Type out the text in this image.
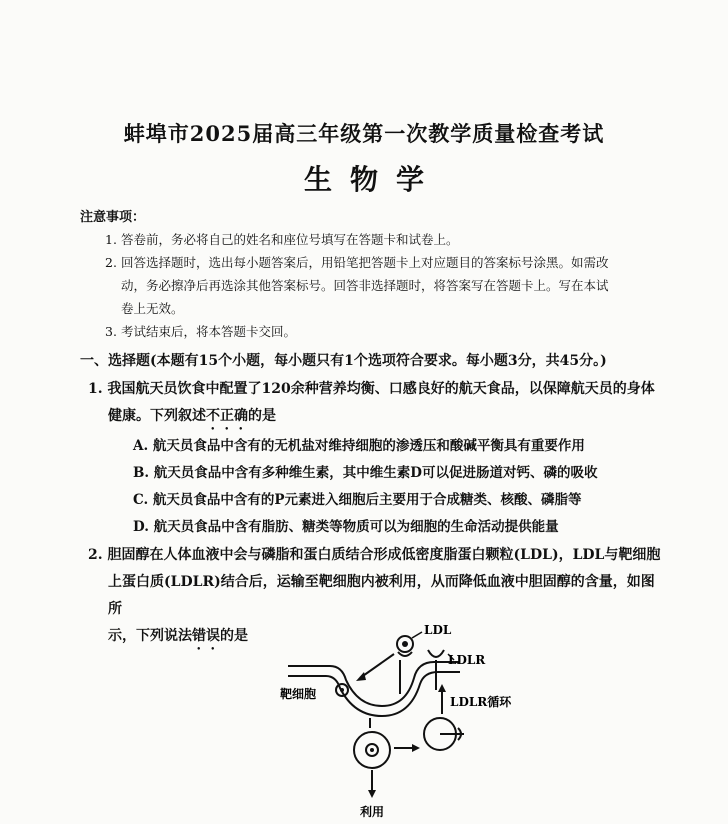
蚌埠市2025届高三年级第一次教学质量检查考试
生物学
注意事项：
1. 答卷前，务必将自己的姓名和座位号填写在答题卡和试卷上。
2. 回答选择题时，选出每小题答案后，用铅笔把答题卡上对应题目的答案标号涂黑。如需改
动，务必擦净后再选涂其他答案标号。回答非选择题时，将答案写在答题卡上。写在本试
卷上无效。
3. 考试结束后，将本答题卡交回。
一、选择题(本题有15个小题，每小题只有1个选项符合要求。每小题3分，共45分。)
1. 我国航天员饮食中配置了120余种营养均衡、口感良好的航天食品，以保障航天员的身体
健康。下列叙述不正确的是
A. 航天员食品中含有的无机盐对维持细胞的渗透压和酸碱平衡具有重要作用
B. 航天员食品中含有多种维生素，其中维生素D可以促进肠道对钙、磷的吸收
C. 航天员食品中含有的P元素进入细胞后主要用于合成糖类、核酸、磷脂等
D. 航天员食品中含有脂肪、糖类等物质可以为细胞的生命活动提供能量
2. 胆固醇在人体血液中会与磷脂和蛋白质结合形成低密度脂蛋白颗粒(LDL)，LDL与靶细胞
上蛋白质(LDLR)结合后，运输至靶细胞内被利用，从而降低血液中胆固醇的含量，如图所
示，下列说法错误的是	LDL
LDLR
靶细胞
LDLR循环
利用
